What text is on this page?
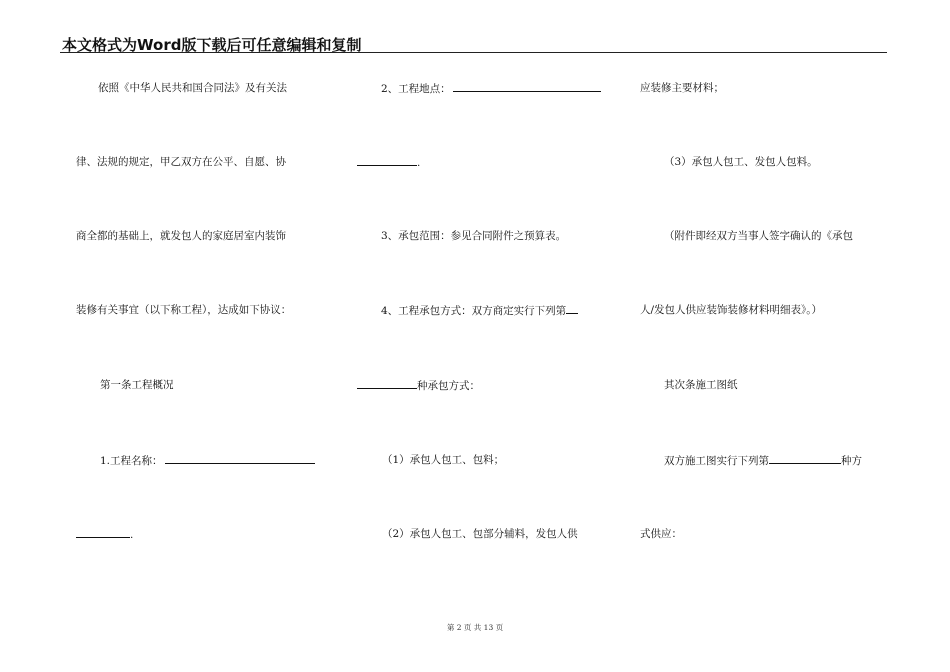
本文格式为Word版下载后可任意编辑和复制
依照《中华人民共和国合同法》及有关法
律、法规的规定，甲乙双方在公平、自愿、协
商全都的基础上，就发包人的家庭居室内装饰
装修有关事宜（以下称工程），达成如下协议：
第一条工程概况
1.工程名称：
.
2、工程地点：
.
3、承包范围：参见合同附件之预算表。
4、工程承包方式：双方商定实行下列第
种承包方式：
（1）承包人包工、包料；
（2）承包人包工、包部分辅料，发包人供
应装修主要材料；
（3）承包人包工、发包人包料。
（附件即经双方当事人签字确认的《承包
人/发包人供应装饰装修材料明细表》。）
其次条施工图纸
双方施工图实行下列第	种方
式供应：
第 2 页 共 13 页
